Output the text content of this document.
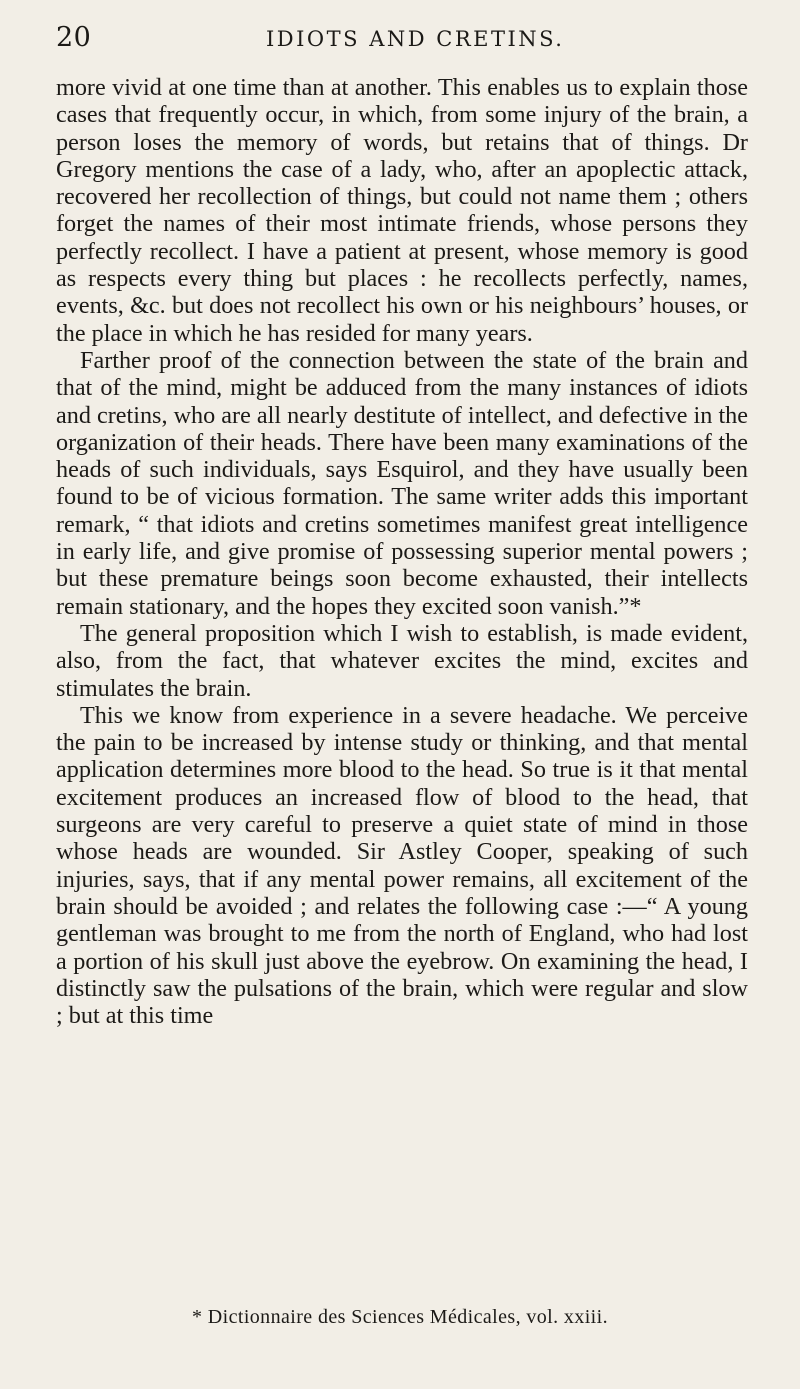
20	IDIOTS AND CRETINS.

more vivid at one time than at another. This enables us to explain those cases that frequently occur, in which, from some injury of the brain, a person loses the memory of words, but retains that of things. Dr Gregory mentions the case of a lady, who, after an apoplectic attack, recovered her recollection of things, but could not name them ; others forget the names of their most intimate friends, whose persons they perfectly recollect. I have a patient at present, whose memory is good as respects every thing but places : he recollects perfectly, names, events, &c. but does not recollect his own or his neighbours’ houses, or the place in which he has resided for many years.

Farther proof of the connection between the state of the brain and that of the mind, might be adduced from the many instances of idiots and cretins, who are all nearly destitute of intellect, and defective in the organization of their heads. There have been many examinations of the heads of such individuals, says Esquirol, and they have usually been found to be of vicious formation. The same writer adds this important remark, “ that idiots and cretins sometimes manifest great intelligence in early life, and give promise of possessing superior mental powers ; but these premature beings soon become exhausted, their intellects remain stationary, and the hopes they excited soon vanish.”*

The general proposition which I wish to establish, is made evident, also, from the fact, that whatever excites the mind, excites and stimulates the brain.

This we know from experience in a severe headache. We perceive the pain to be increased by intense study or thinking, and that mental application determines more blood to the head. So true is it that mental excitement produces an increased flow of blood to the head, that surgeons are very careful to preserve a quiet state of mind in those whose heads are wounded. Sir Astley Cooper, speaking of such injuries, says, that if any mental power remains, all excitement of the brain should be avoided ; and relates the following case :—“ A young gentleman was brought to me from the north of England, who had lost a portion of his skull just above the eyebrow. On examining the head, I distinctly saw the pulsations of the brain, which were regular and slow ; but at this time

* Dictionnaire des Sciences Médicales, vol. xxiii.
